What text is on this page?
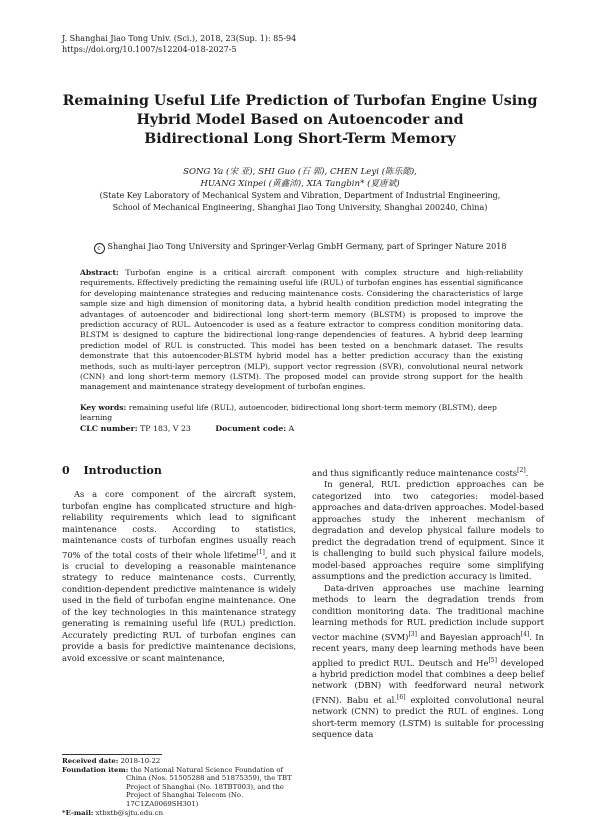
J. Shanghai Jiao Tong Univ. (Sci.), 2018, 23(Sup. 1): 85-94
https://doi.org/10.1007/s12204-018-2027-5
Remaining Useful Life Prediction of Turbofan Engine Using
Hybrid Model Based on Autoencoder and
Bidirectional Long Short-Term Memory
SONG Ya (宋 亚), SHI Guo (石 郭), CHEN Leyi (陈乐懿),
HUANG Xinpei (黄鑫沛), XIA Tangbin* (夏唐斌)
(State Key Laboratory of Mechanical System and Vibration, Department of Industrial Engineering,
School of Mechanical Engineering, Shanghai Jiao Tong University, Shanghai 200240, China)
c Shanghai Jiao Tong University and Springer-Verlag GmbH Germany, part of Springer Nature 2018
Abstract: Turbofan engine is a critical aircraft component with complex structure and high-reliability requirements. Effectively predicting the remaining useful life (RUL) of turbofan engines has essential significance for developing maintenance strategies and reducing maintenance costs. Considering the characteristics of large sample size and high dimension of monitoring data, a hybrid health condition prediction model integrating the advantages of autoencoder and bidirectional long short-term memory (BLSTM) is proposed to improve the prediction accuracy of RUL. Autoencoder is used as a feature extractor to compress condition monitoring data. BLSTM is designed to capture the bidirectional long-range dependencies of features. A hybrid deep learning prediction model of RUL is constructed. This model has been tested on a benchmark dataset. The results demonstrate that this autoencoder-BLSTM hybrid model has a better prediction accuracy than the existing methods, such as multi-layer perceptron (MLP), support vector regression (SVR), convolutional neural network (CNN) and long short-term memory (LSTM). The proposed model can provide strong support for the health management and maintenance strategy development of turbofan engines.
Key words: remaining useful life (RUL), autoencoder, bidirectional long short-term memory (BLSTM), deep learning
CLC number: TP 183, V 23	Document code: A
0 Introduction

As a core component of the aircraft system, turbofan engine has complicated structure and high-reliability requirements which lead to significant maintenance costs. According to statistics, maintenance costs of turbofan engines usually reach 70% of the total costs of their whole lifetime[1], and it is crucial to developing a reasonable maintenance strategy to reduce maintenance costs. Currently, condition-dependent predictive maintenance is widely used in the field of turbofan engine maintenance. One of the key technologies in this maintenance strategy generating is remaining useful life (RUL) prediction. Accurately predicting RUL of turbofan engines can provide a basis for predictive maintenance decisions, avoid excessive or scant maintenance,

and thus significantly reduce maintenance costs[2].

In general, RUL prediction approaches can be categorized into two categories: model-based approaches and data-driven approaches. Model-based approaches study the inherent mechanism of degradation and develop physical failure models to predict the degradation trend of equipment. Since it is challenging to build such physical failure models, model-based approaches require some simplifying assumptions and the prediction accuracy is limited.

Data-driven approaches use machine learning methods to learn the degradation trends from condition monitoring data. The traditional machine learning methods for RUL prediction include support vector machine (SVM)[3] and Bayesian approach[4]. In recent years, many deep learning methods have been applied to predict RUL. Deutsch and He[5] developed a hybrid prediction model that combines a deep belief network (DBN) with feedforward neural network (FNN). Babu et al.[6] exploited convolutional neural network (CNN) to predict the RUL of engines. Long short-term memory (LSTM) is suitable for processing sequence data

Received date: 2018-10-22
Foundation item: the National Natural Science Foundation of China (Nos. 51505288 and 51875359), the TBT Project of Shanghai (No. 18TBT003), and the Project of Shanghai Telecom (No. 17C1ZA0069SH301)
*E-mail: xtbxtb@sjtu.edu.cn
